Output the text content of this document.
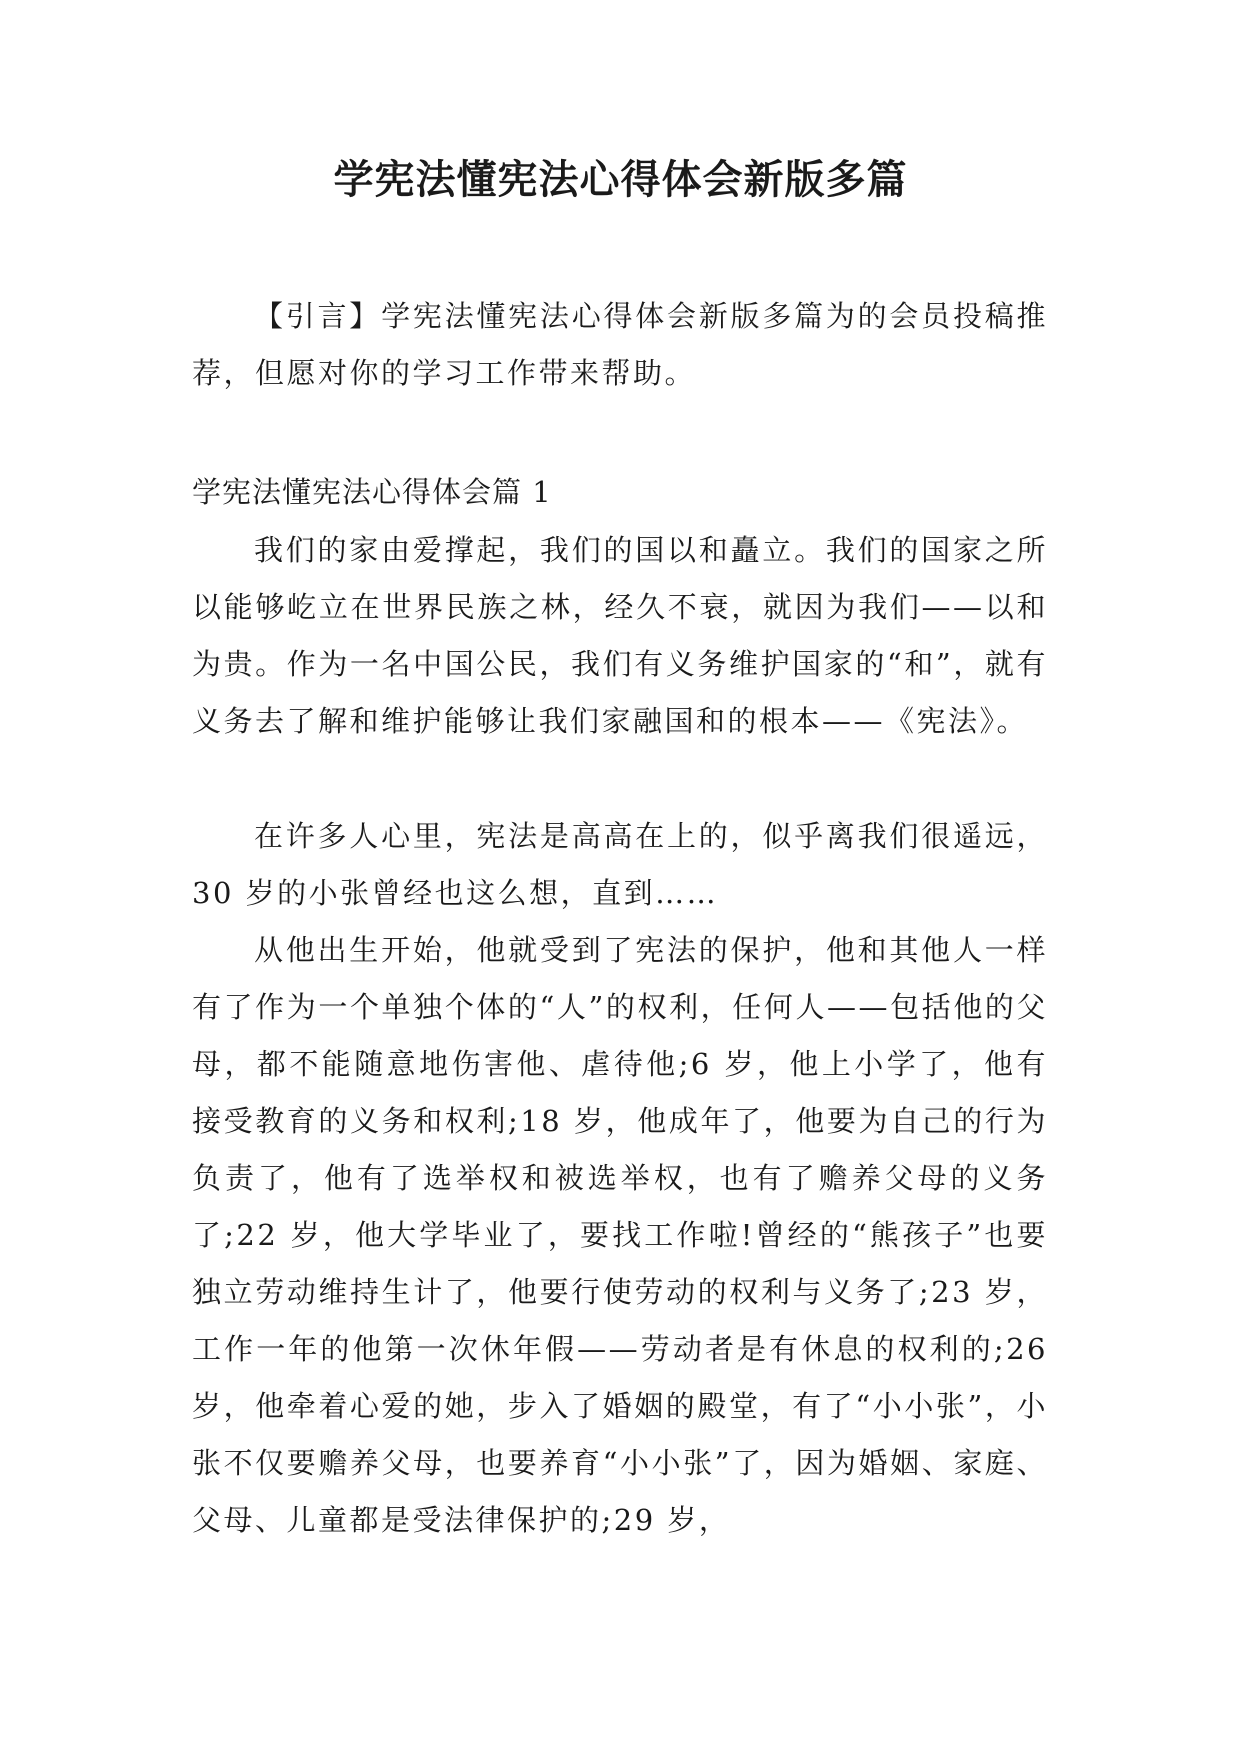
学宪法懂宪法心得体会新版多篇

【引言】学宪法懂宪法心得体会新版多篇为的会员投稿推荐，但愿对你的学习工作带来帮助。

学宪法懂宪法心得体会篇 1

我们的家由爱撑起，我们的国以和矗立。我们的国家之所以能够屹立在世界民族之林，经久不衰，就因为我们——以和为贵。作为一名中国公民，我们有义务维护国家的“和”，就有义务去了解和维护能够让我们家融国和的根本——《宪法》。

在许多人心里，宪法是高高在上的，似乎离我们很遥远，30 岁的小张曾经也这么想，直到……

从他出生开始，他就受到了宪法的保护，他和其他人一样有了作为一个单独个体的“人”的权利，任何人——包括他的父母，都不能随意地伤害他、虐待他;6 岁，他上小学了，他有接受教育的义务和权利;18 岁，他成年了，他要为自己的行为负责了，他有了选举权和被选举权，也有了赡养父母的义务了;22 岁，他大学毕业了，要找工作啦!曾经的“熊孩子”也要独立劳动维持生计了，他要行使劳动的权利与义务了;23 岁，工作一年的他第一次休年假——劳动者是有休息的权利的;26 岁，他牵着心爱的她，步入了婚姻的殿堂，有了“小小张”，小张不仅要赡养父母，也要养育“小小张”了，因为婚姻、家庭、父母、儿童都是受法律保护的;29 岁，
